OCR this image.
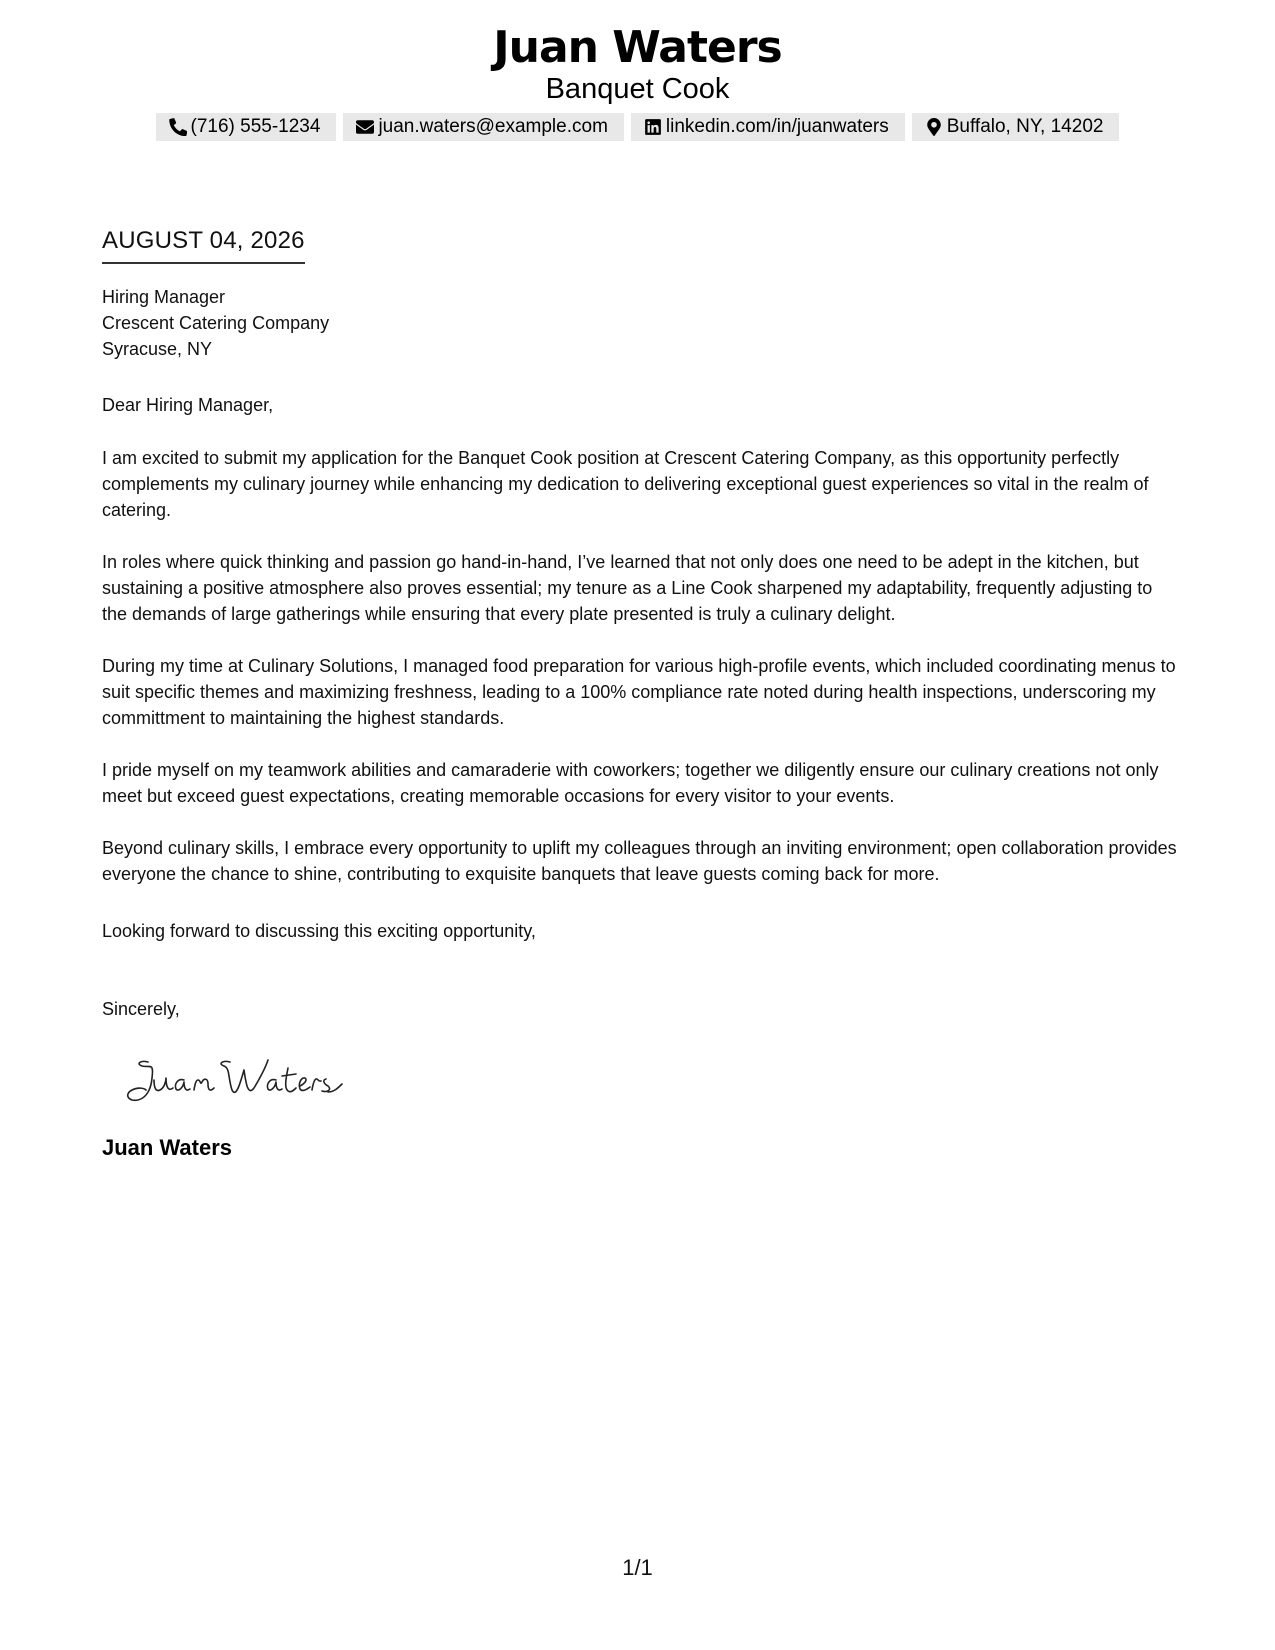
Juan Waters
Banquet Cook
(716) 555-1234	juan.waters@example.com	linkedin.com/in/juanwaters	Buffalo, NY, 14202
AUGUST 04, 2026
Hiring Manager
Crescent Catering Company
Syracuse, NY
Dear Hiring Manager,

I am excited to submit my application for the Banquet Cook position at Crescent Catering Company, as this opportunity perfectly complements my culinary journey while enhancing my dedication to delivering exceptional guest experiences so vital in the realm of catering.

In roles where quick thinking and passion go hand-in-hand, I’ve learned that not only does one need to be adept in the kitchen, but sustaining a positive atmosphere also proves essential; my tenure as a Line Cook sharpened my adaptability, frequently adjusting to the demands of large gatherings while ensuring that every plate presented is truly a culinary delight.

During my time at Culinary Solutions, I managed food preparation for various high-profile events, which included coordinating menus to suit specific themes and maximizing freshness, leading to a 100% compliance rate noted during health inspections, underscoring my committment to maintaining the highest standards.

I pride myself on my teamwork abilities and camaraderie with coworkers; together we diligently ensure our culinary creations not only meet but exceed guest expectations, creating memorable occasions for every visitor to your events.

Beyond culinary skills, I embrace every opportunity to uplift my colleagues through an inviting environment; open collaboration provides everyone the chance to shine, contributing to exquisite banquets that leave guests coming back for more.

Looking forward to discussing this exciting opportunity,
Sincerely,
Juan Waters
1/1
